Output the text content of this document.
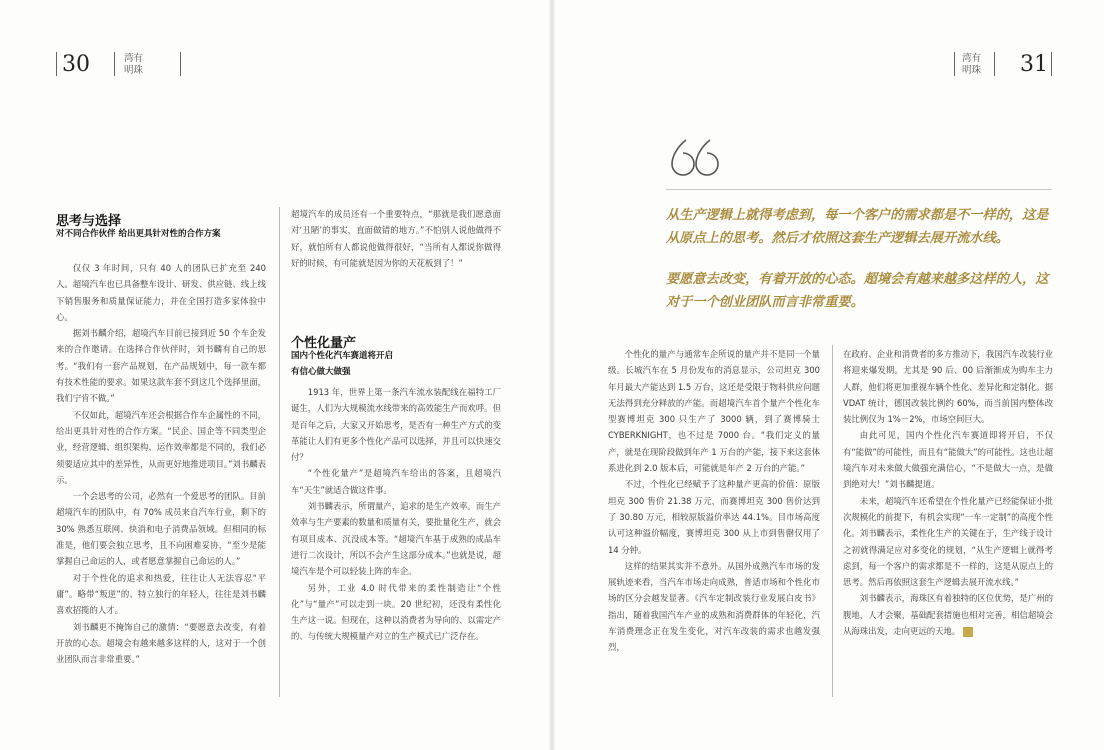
30	湾有
明珠
湾有
明珠 31
思考与选择
对不同合作伙伴 给出更具针对性的合作方案

仅仅 3 年时间，只有 40 人的团队已扩充至 240 人。超境汽车也已具备整车设计、研发、供应链、线上线下销售服务和质量保证能力，并在全国打造多家体验中心。

据刘书麟介绍，超境汽车目前已接到近 50 个车企发来的合作邀请。在选择合作伙伴时，刘书麟有自己的思考。“我们有一套产品规划，在产品规划中，每一款车都有技术性能的要求。如果这款车套不到这几个选择里面，我们宁肯不做。”

不仅如此，超境汽车还会根据合作车企属性的不同，给出更具针对性的合作方案。“民企、国企等不同类型企业，经营逻辑、组织架构、运作效率都是不同的，我们必须要适应其中的差异性，从而更好地推进项目。”刘书麟表示。

一个会思考的公司，必然有一个爱思考的团队。目前超境汽车的团队中，有 70% 成员来自汽车行业，剩下的 30% 熟悉互联网、快消和电子消费品领域。但相同的标准是，他们要会独立思考，且不向困难妥协，“至少是能掌握自己命运的人，或者愿意掌握自己命运的人。”

对于个性化的追求和热爱，往往让人无法容忍“平庸”。略带“叛逆”的、特立独行的年轻人，往往是刘书麟喜欢招揽的人才。

刘书麟更不掩饰自己的激情：“要愿意去改变，有着开放的心态。超境会有越来越多这样的人，这对于一个创业团队而言非常重要。”

超境汽车的成员还有一个重要特点，“那就是我们愿意面对‘丑陋’的事实，直面做错的地方。”不怕别人说他做得不好，就怕所有人都说他做得很好，“当所有人都说你做得好的时候，有可能就是因为你的天花板到了！”

个性化量产
国内个性化汽车赛道将开启
有信心做大做强

1913 年，世界上第一条汽车流水装配线在福特工厂诞生，人们为大规模流水线带来的高效能生产而欢呼。但是百年之后，大家又开始思考，是否有一种生产方式的变革能让人们有更多个性化产品可以选择，并且可以快速交付？

“个性化量产”是超境汽车给出的答案，且超境汽车“天生”就适合做这件事。

刘书麟表示，所谓量产，追求的是生产效率。而生产效率与生产要素的数量和质量有关，要批量化生产，就会有项目成本、沉没成本等。“超境汽车基于成熟的成品车进行二次设计，所以不会产生这部分成本。”也就是说，超境汽车是个可以轻装上阵的车企。

另外，工业 4.0 时代带来的柔性制造让“个性化”与“量产”可以走到一块。20 世纪初，还没有柔性化生产这一说。但现在，这种以消费者为导向的、以需定产的、与传统大规模量产对立的生产模式已广泛存在。

从生产逻辑上就得考虑到，每一个客户的需求都是不一样的，这是从原点上的思考。然后才依照这套生产逻辑去展开流水线。
要愿意去改变，有着开放的心态。超境会有越来越多这样的人，这对于一个创业团队而言非常重要。

个性化的量产与通常车企所说的量产并不是同一个量级。长城汽车在 5 月份发布的消息显示，公司坦克 300 年月最大产能达到 1.5 万台，这还是受限于物料供应问题无法得到充分释放的产能。而超境汽车首个量产个性化车型赛博坦克 300 只生产了 3000 辆，到了赛博骑士 CYBERKNIGHT，也不过是 7000 台。“我们定义的量产，就是在现阶段做到年产 1 万台的产能，接下来这套体系进化到 2.0 版本后，可能就是年产 2 万台的产能。”

不过，个性化已经赋予了这种量产更高的价值：原版坦克 300 售价 21.38 万元，而赛博坦克 300 售价达到了 30.80 万元，相较原版溢价率达 44.1%。目市场高度认可这种溢价幅度，赛博坦克 300 从上市到售罄仅用了 14 分钟。

这样的结果其实并不意外。从国外成熟汽车市场的发展轨迹来看，当汽车市场走向成熟，普适市场和个性化市场的区分会越发显著。《汽车定制改装行业发展白皮书》指出，随着我国汽车产业的成熟和消费群体的年轻化，汽车消费理念正在发生变化，对汽车改装的需求也越发强烈，

在政府、企业和消费者的多方推动下，我国汽车改装行业将迎来爆发期。尤其是 90 后、00 后渐渐成为购车主力人群，他们将更加重视车辆个性化、差异化和定制化。据 VDAT 统计，德国改装比例约 60%，而当前国内整体改装比例仅为 1%－2%，市场空间巨大。

由此可见，国内个性化汽车赛道即将开启，不仅有“能做”的可能性，而且有“能做大”的可能性。这也让超境汽车对未来做大做强充满信心，“不是做大一点，是做到绝对大！”刘书麟提道。

未来，超境汽车还希望在个性化量产已经能保证小批次规模化的前提下，有机会实现“一车一定制”的高度个性化。刘书麟表示，柔性化生产的关键在于，生产线于设计之初就得满足应对多变化的规划，“从生产逻辑上就得考虑到，每一个客户的需求都是不一样的，这是从原点上的思考。然后再依照这套生产逻辑去展开流水线。”

刘书麟表示，海珠区有着独特的区位优势，是广州的腹地，人才会聚，基础配套措施也相对完善，相信超境会从海珠出发，走向更远的天地。	行
